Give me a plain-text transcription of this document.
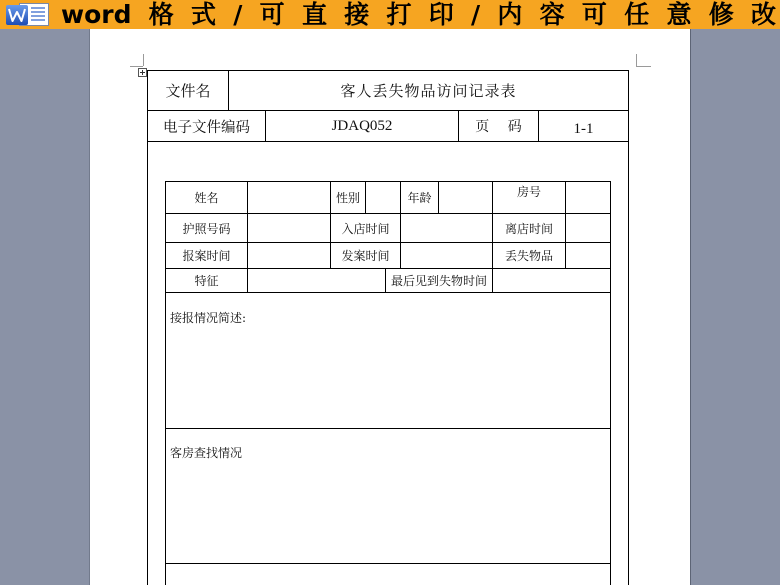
word格式/可直接打印/内容可任意修改
文件名	客人丢失物品访问记录表
电子文件编码	JDAQ052	页 码	1-1
姓名	性别	年龄	房号
护照号码	入店时间	离店时间
报案时间	发案时间	丢失物品
特征	最后见到失物时间
接报情况简述:
客房查找情况
